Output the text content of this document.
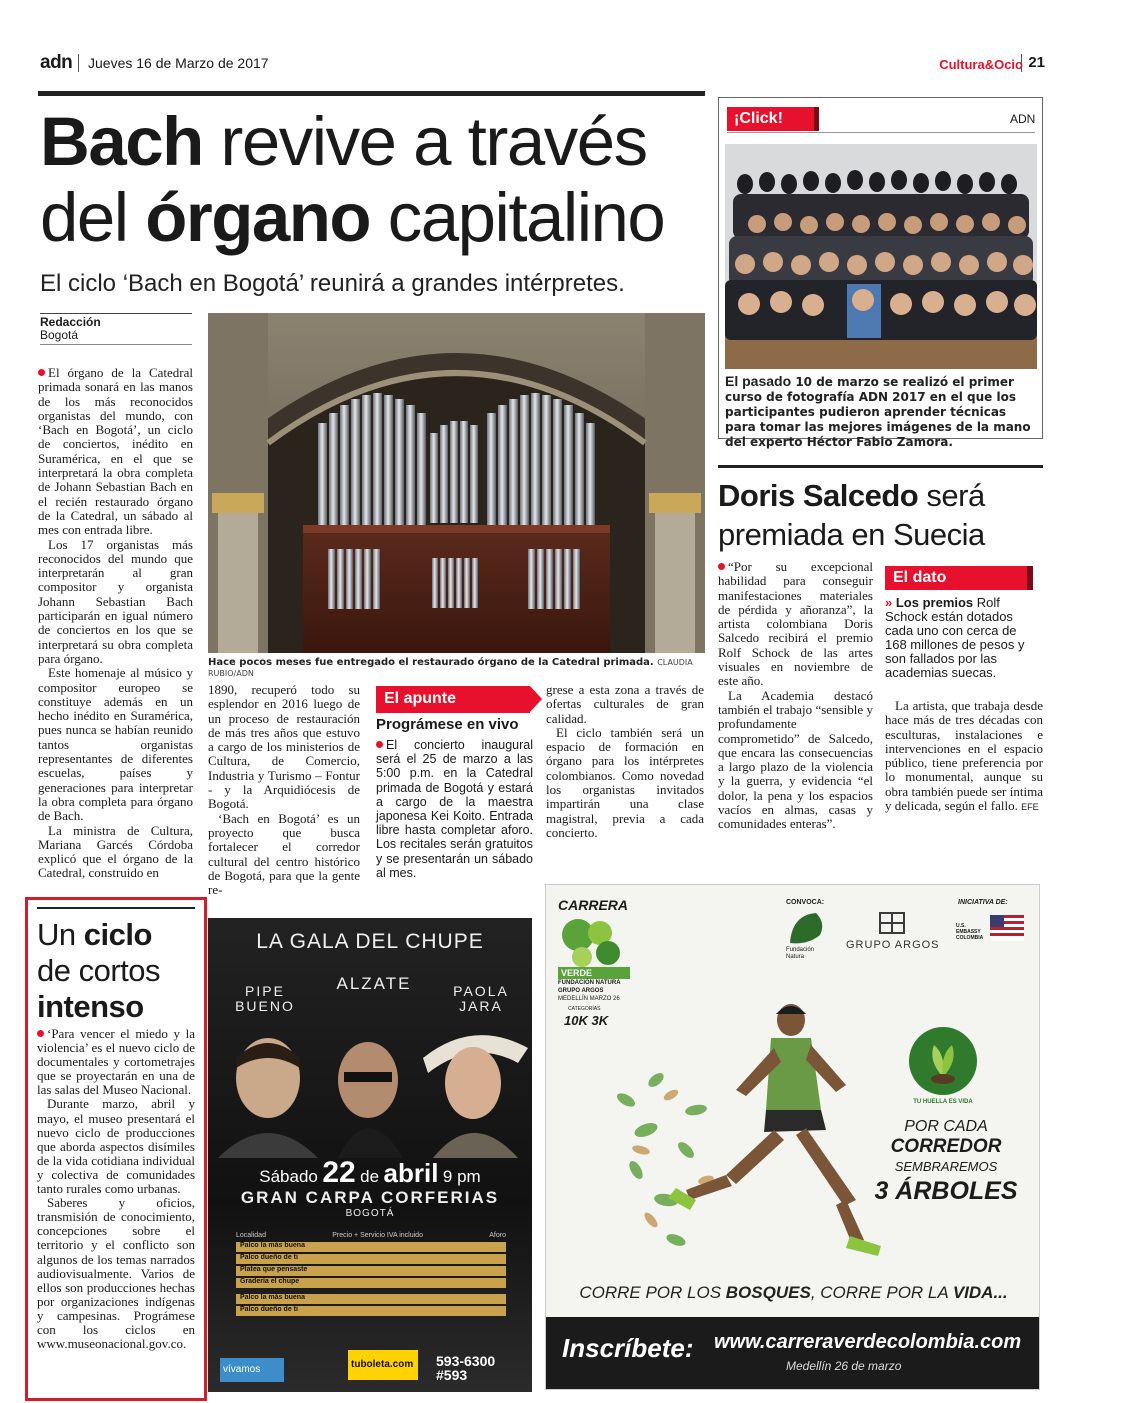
adn	Jueves 16 de Marzo de 2017	Cultura&Ocio 21
Bach revive a través
del órgano capitalino
El ciclo ‘Bach en Bogotá’ reunirá a grandes intérpretes.
Redacción
Bogotá

El órgano de la Catedral primada sonará en las manos de los más reconocidos organistas del mundo, con ‘Bach en Bogotá’, un ciclo de conciertos, inédito en Suramérica, en el que se interpretará la obra completa de Johann Sebastian Bach en el recién restaurado órgano de la Catedral, un sábado al mes con entrada libre.

Los 17 organistas más reconocidos del mundo que interpretarán al gran compositor y organista Johann Sebastian Bach participarán en igual número de conciertos en los que se interpretará su obra completa para órgano.

Este homenaje al músico y compositor europeo se constituye además en un hecho inédito en Suramérica, pues nunca se habían reunido tantos organistas representantes de diferentes escuelas, países y generaciones para interpretar la obra completa para órgano de Bach.

La ministra de Cultura, Mariana Garcés Córdoba explicó que el órgano de la Catedral, construido en

Hace pocos meses fue entregado el restaurado órgano de la Catedral primada. CLAUDIA RUBIO/ADN

1890, recuperó todo su esplendor en 2016 luego de un proceso de restauración de más tres años que estuvo a cargo de los ministerios de Cultura, de Comercio, Industria y Turismo – Fontur - y la Arquidiócesis de Bogotá.

‘Bach en Bogotá’ es un proyecto que busca fortalecer el corredor cultural del centro histórico de Bogotá, para que la gente re-

El apunte
Prográmese en vivo
El concierto inaugural será el 25 de marzo a las 5:00 p.m. en la Catedral primada de Bogotá y estará a cargo de la maestra japonesa Kei Koito. Entrada libre hasta completar aforo. Los recitales serán gratuitos y se presentarán un sábado al mes.

grese a esta zona a través de ofertas culturales de gran calidad.

El ciclo también será un espacio de formación en órgano para los intérpretes colombianos. Como novedad los organistas invitados impartirán una clase magistral, previa a cada concierto.

¡Click!	ADN
El pasado 10 de marzo se realizó el primer curso de fotografía ADN 2017 en el que los participantes pudieron aprender técnicas para tomar las mejores imágenes de la mano del experto Héctor Fabio Zamora.
Doris Salcedo será premiada en Suecia

“Por su excepcional habilidad para conseguir manifestaciones materiales de pérdida y añoranza”, la artista colombiana Doris Salcedo recibirá el premio Rolf Schock de las artes visuales en noviembre de este año.

La Academia destacó también el trabajo “sensible y profundamente comprometido” de Salcedo, que encara las consecuencias a largo plazo de la violencia y la guerra, y evidencia “el dolor, la pena y los espacios vacíos en almas, casas y comunidades enteras”.

El dato
» Los premios Rolf Schock están dotados cada uno con cerca de 168 millones de pesos y son fallados por las academias suecas.

La artista, que trabaja desde hace más de tres décadas con esculturas, instalaciones e intervenciones en el espacio público, tiene preferencia por lo monumental, aunque su obra también puede ser íntima y delicada, según el fallo. EFE

Un ciclo
de cortos
intenso

‘Para vencer el miedo y la violencia’ es el nuevo ciclo de documentales y cortometrajes que se proyectarán en una de las salas del Museo Nacional.

Durante marzo, abril y mayo, el museo presentará el nuevo ciclo de producciones que aborda aspectos disímiles de la vida cotidiana individual y colectiva de comunidades tanto rurales como urbanas.

Saberes y oficios, transmisión de conocimiento, concepciones sobre el territorio y el conflicto son algunos de los temas narrados audiovisualmente. Varios de ellos son producciones hechas por organizaciones indígenas y campesinas. Prográmese con los ciclos en www.museonacional.gov.co.

LA GALA DEL CHUPE
PIPE BUENO
ALZATE	PAOLA JARA
Sábado 22 de abril 9 pm
GRAN CARPA CORFERIAS
BOGOTÁ
Localidad	Precio + Servicio IVA incluido	Aforo
Palco la más buena
Palco dueño de ti
Platea que pensaste
Gradería el chupe
Palco la más buena
Palco dueño de ti
vívamos	tuboleta.com	593-6300
#593
CARRERA
VERDE
FUNDACIÓN NATURA
GRUPO ARGOS
MEDELLÍN MARZO 26
CATEGORÍAS
10K 3K
CONVOCA:
Fundación Natura
GRUPO ARGOS
INICIATIVA DE:
U.S. EMBASSY COLOMBIA
TU HUELLA ES VIDA
POR CADA
CORREDOR
SEMBRAREMOS
3 ÁRBOLES
CORRE POR LOS BOSQUES, CORRE POR LA VIDA...
Inscríbete: www.carreraverdecolombia.com
Medellín 26 de marzo
